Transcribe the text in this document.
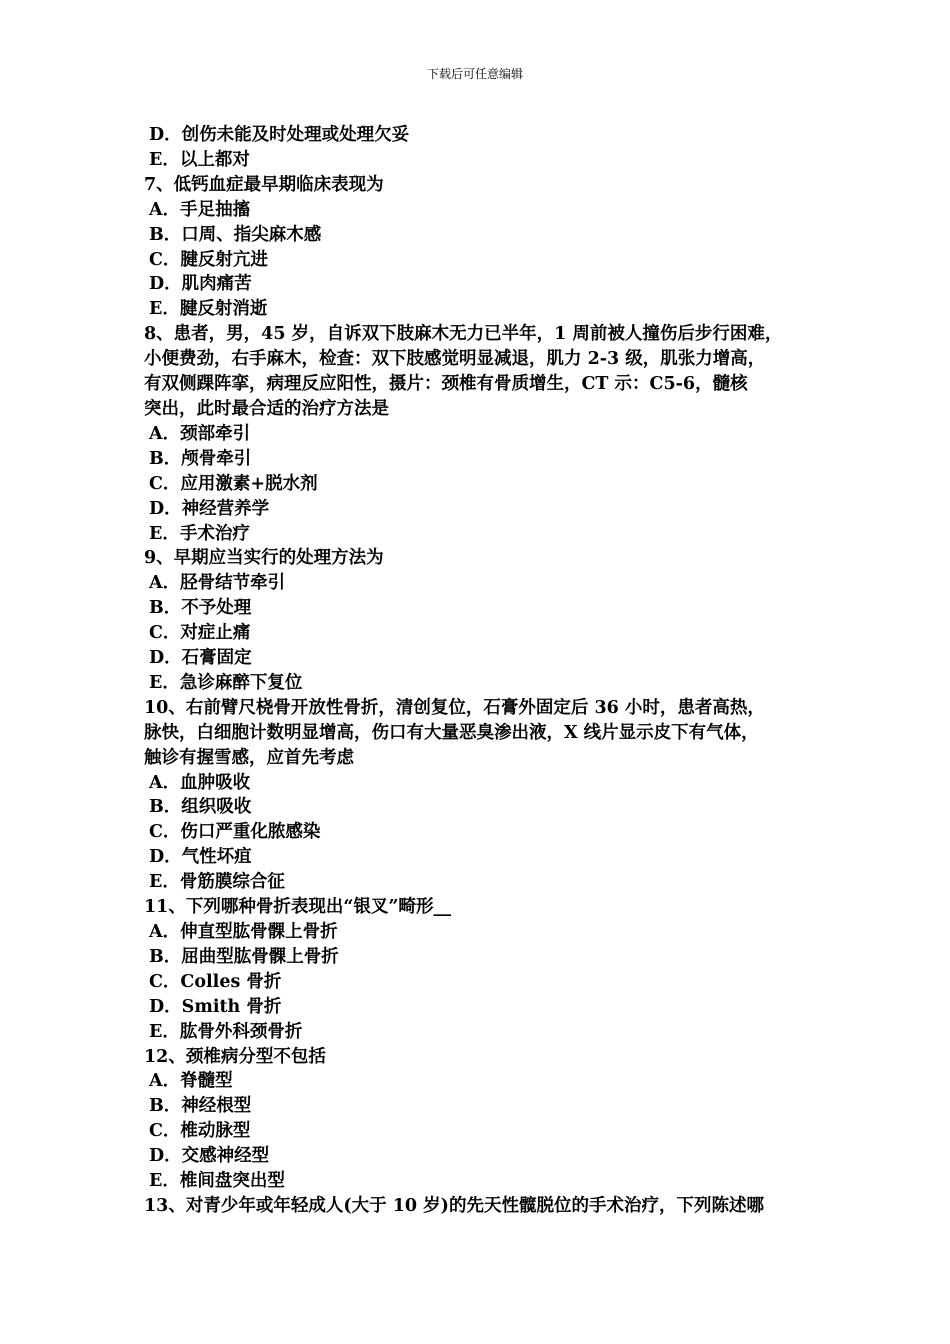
下载后可任意编辑
D．创伤未能及时处理或处理欠妥
E．以上都对
7、低钙血症最早期临床表现为
A．手足抽搐
B．口周、指尖麻木感
C．腱反射亢进
D．肌肉痛苦
E．腱反射消逝
8、患者，男，45 岁，自诉双下肢麻木无力已半年，1 周前被人撞伤后步行困难，
小便费劲，右手麻木，检查：双下肢感觉明显减退，肌力 2-3 级，肌张力增高，
有双侧踝阵挛，病理反应阳性，摄片：颈椎有骨质增生，CT 示：C5-6，髓核
突出，此时最合适的治疗方法是
A．颈部牵引
B．颅骨牵引
C．应用激素+脱水剂
D．神经营养学
E．手术治疗
9、早期应当实行的处理方法为
A．胫骨结节牵引
B．不予处理
C．对症止痛
D．石膏固定
E．急诊麻醉下复位
10、右前臂尺桡骨开放性骨折，清创复位，石膏外固定后 36 小时，患者高热，
脉快，白细胞计数明显增高，伤口有大量恶臭渗出液，X 线片显示皮下有气体，
触诊有握雪感，应首先考虑
A．血肿吸收
B．组织吸收
C．伤口严重化脓感染
D．气性坏疽
E．骨筋膜综合征
11、下列哪种骨折表现出“银叉”畸形__
A．伸直型肱骨髁上骨折
B．屈曲型肱骨髁上骨折
C．Colles 骨折
D．Smith 骨折
E．肱骨外科颈骨折
12、颈椎病分型不包括
A．脊髓型
B．神经根型
C．椎动脉型
D．交感神经型
E．椎间盘突出型
13、对青少年或年轻成人(大于 10 岁)的先天性髋脱位的手术治疗，下列陈述哪
